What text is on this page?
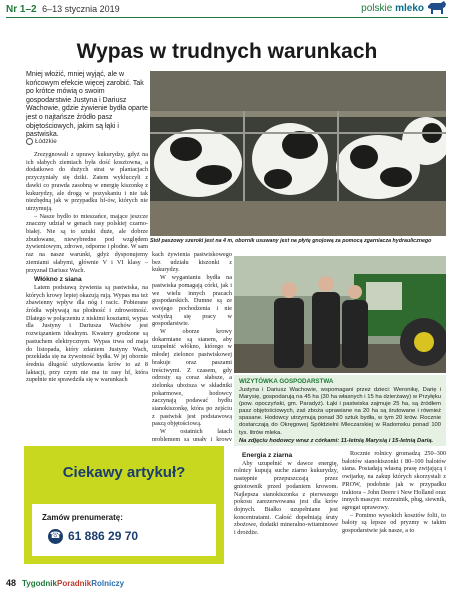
Nr 1–2 6–13 stycznia 2019	polskie mleko
Wypas w trudnych warunkach
Mniej włożić, mniej wyjąć, ale w końcowym efekcie więcej zarobić. Tak po krótce mówią o swoim gospodarstwie Justyna i Dariusz Wachowie, gdzie żywienie bydła oparte jest o najtańsze źródło pasz objętościowych, jakim są łąki i pastwiska.
Łódzkie

Zrezygnowali z uprawy kukurydzy, gdyż na ich słabych ziemiach była dość kosztowna, a dodatkowo do dużych strat w plantacjach przyczyniały się dziki. Zatem wykluczyli z dawki co prawda zasobną w energię kiszonkę z kukurydzy, ale drogą w pozyskaniu i nie tak niezbędną jak w przypadku hf-ów, których nie utrzymują.

– Nasze bydło to mieszańce, mające jeszcze znaczny udział w genach rasy polskiej czarno-białej. Nie są to sztuki duże, ale dobrze zbudowane, niewybredne pod względem żywieniowym, zdrowe, odporne i płodne. W sam raz na nasze warunki, gdyż dysponujemy ziemiami słabymi, głównie V i VI klasy – przyznał Dariusz Wach.

Włókno z siana

Latem podstawą żywienia są pastwiska, na których krowy lepiej okazują rują. Wypas ma też zbawienny wpływ dla nóg i racic. Pobierane źródła wpływają na płodność i zdrowotność. Dlatego w połączeniu z niskimi kosztami, wypas dla Justyny i Dariusza Wachów jest rozwiązaniem idealnym. Kwatery grodzone są pastuchem elektrycznym. Wypas trwa od maja do listopada, który zdaniem Justyny Wach, przekłada się na żywotność bydła. W jej obornie średnia długość użytkowania krów to aż 8 laktacji, przy czym nie ma tu rasy hf, która zupełnie nie sprawdziła się w warunkach

kach żywienia pastwiskowego bez udziału kiszonki z kukurydzy.

W wyganianiu bydła na pastwiska pomagają córki, jak i we wielu innych pracach gospodarskich. Dumne są ze swojego pochodzenia i nie wstydzą się pracy w gospodarstwie.

W oborze krowy dokarmiane są sianem, aby uzupełnić włókno, którego w młodej zielonce pastwiskowej brakuje oraz paszami treściwymi. Z czasem, gdy odrosty są coraz słabsze, a zielonka uboższa w składniki pokarmowe, hodowcy zaczynają podawać bydłu sianokiszonkę, która po zejściu z pastwisk jest podstawową paszą objętościową.

W ostatnich latach problemem są upały i krowy

Stół paszowy szeroki jest na 4 m, obornik usuwany jest na płytę gnojową za pomocą zgarniacza hydraulicznego
WIZYTÓWKA GOSPODARSTWA
Justyna i Dariusz Wachowie, wspomagani przez dzieci: Weronikę, Darię i Marysię, gospodarują na 45 ha (30 ha własnych i 15 ha dzierżawy) w Przyłęku (pow. opoczyński, gm. Paradyż). Łąki i pastwiska zajmuje 25 ha, są źródłem pasz objętościowych, zaś zboża uprawiane na 20 ha są śrutowane i również spasane. Hodowcy utrzymują ponad 30 sztuk bydła, w tym 20 krów. Rocznie dostarczają do Okręgowej Spółdzielni Mleczarskiej w Radomsku ponad 100 tys. litrów mleka.
Na zdjęciu hodowcy wraz z córkami: 11-letnią Marysią i 15-letnią Darią.

Energia z ziarna

Aby uzupełnić w dawce energię, rolnicy kupują suche ziarno kukurydzy, następnie przepuszczają przez gniotownik przed podaniem krowom. Najlepsza sianokiszonka z pierwszego pokosu zarezerwowana jest dla krów dojnych. Białko uzupełniane jest koncentratami. Całość dopełniają śruty zbożowe, dodatki mineralno-witaminowe i drożdże.

Rocznie rolnicy gromadzą 250–300 balotów sianokiszonki i 80–100 balotów siana. Posiadają własną prasę zwijającą i owijarkę, na zakup których skorzystali z PROW, podobnie jak w przypadku traktora – John Deere i New Holland oraz innych maszyn: rozrzutnik, pług, siewnik, agregat uprawowy.

– Pomimo wysokich kosztów folii, to baloty są lepsze od pryzmy w takim gospodarstwie jak nasze, a to

Ciekawy artykuł?
Zamów prenumeratę:
☎ 61 886 29 70
48 TygodnikPoradnikRolniczy
